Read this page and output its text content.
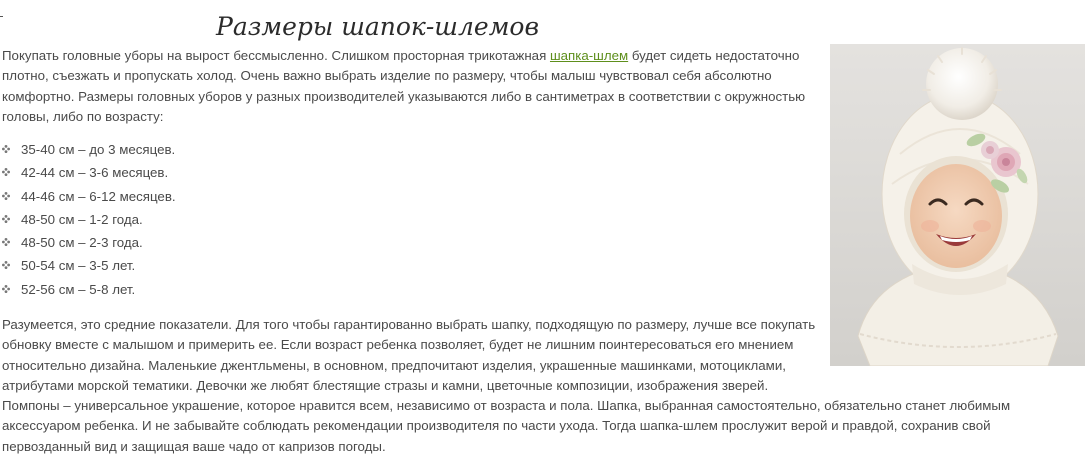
Размеры шапок-шлемов

Покупать головные уборы на вырост бессмысленно. Слишком просторная трикотажная шапка-шлем будет сидеть недостаточно плотно, съезжать и пропускать холод. Очень важно выбрать изделие по размеру, чтобы малыш чувствовал себя абсолютно комфортно. Размеры головных уборов у разных производителей указываются либо в сантиметрах в соответствии с окружностью головы, либо по возрасту:

35-40 см – до 3 месяцев.
42-44 см – 3-6 месяцев.
44-46 см – 6-12 месяцев.
48-50 см – 1-2 года.
48-50 см – 2-3 года.
50-54 см – 3-5 лет.
52-56 см – 5-8 лет.

Разумеется, это средние показатели. Для того чтобы гарантированно выбрать шапку, подходящую по размеру, лучше все покупать обновку вместе с малышом и примерить ее. Если возраст ребенка позволяет, будет не лишним поинтересоваться его мнением относительно дизайна. Маленькие джентльмены, в основном, предпочитают изделия, украшенные машинками, мотоциклами, атрибутами морской тематики. Девочки же любят блестящие стразы и камни, цветочные композиции, изображения зверей. Помпоны – универсальное украшение, которое нравится всем, независимо от возраста и пола. Шапка, выбранная самостоятельно, обязательно станет любимым аксессуаром ребенка. И не забывайте соблюдать рекомендации производителя по части ухода. Тогда шапка-шлем прослужит верой и правдой, сохранив свой первозданный вид и защищая ваше чадо от капризов погоды.
